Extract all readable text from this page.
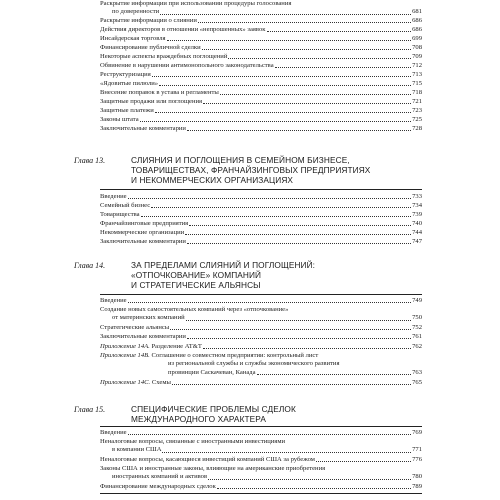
Раскрытие информации при использовании процедуры голосования
по доверенности	681
Раскрытие информации о слиянии	686
Действия директоров в отношении «непрошенных» заявок	686
Инсайдерская торговля	699
Финансирование публичной сделки	708
Некоторые аспекты враждебных поглощений	709
Обвинение в нарушении антимонопольного законодательства	712
Реструктуризация	713
«Ядовитые пилюли»	715
Внесение поправок в устава и регламенты	718
Защитные продажи или поглощения	721
Защитные платежи	723
Законы штата	725
Заключительные комментарии	728
Глава 13.	СЛИЯНИЯ И ПОГЛОЩЕНИЯ В СЕМЕЙНОМ БИЗНЕСЕ,
ТОВАРИЩЕСТВАХ, ФРАНЧАЙЗИНГОВЫХ ПРЕДПРИЯТИЯХ
И НЕКОММЕРЧЕСКИХ ОРГАНИЗАЦИЯХ
Введение	733
Семейный бизнес	734
Товарищества	739
Франчайзинговые предприятия	740
Некоммерческие организации	744
Заключительные комментарии	747
Глава 14.	ЗА ПРЕДЕЛАМИ СЛИЯНИЙ И ПОГЛОЩЕНИЙ:
«ОТПОЧКОВАНИЕ» КОМПАНИЙ
И СТРАТЕГИЧЕСКИЕ АЛЬЯНСЫ
Введение	749
Создание новых самостоятельных компаний через «отпочкование»
от материнских компаний	750
Стратегические альянсы	752
Заключительные комментарии	761
Приложение 14А. Разделение AT&T	762
Приложение 14В. Соглашение о совместном предприятии: контрольный лист
из региональной службы и службы экономического развития
провинции Саскачеван, Канада	763
Приложение 14С. Схемы	765
Глава 15.	СПЕЦИФИЧЕСКИЕ ПРОБЛЕМЫ СДЕЛОК
МЕЖДУНАРОДНОГО ХАРАКТЕРА
Введение	769
Неналоговые вопросы, связанные с иностранными инвестициями
в компании США	771
Неналоговые вопросы, касающиеся инвестиций компаний США за рубежом	776
Законы США и иностранные законы, влияющие на американские приобретения
иностранных компаний и активов	780
Финансирование международных сделок	789
